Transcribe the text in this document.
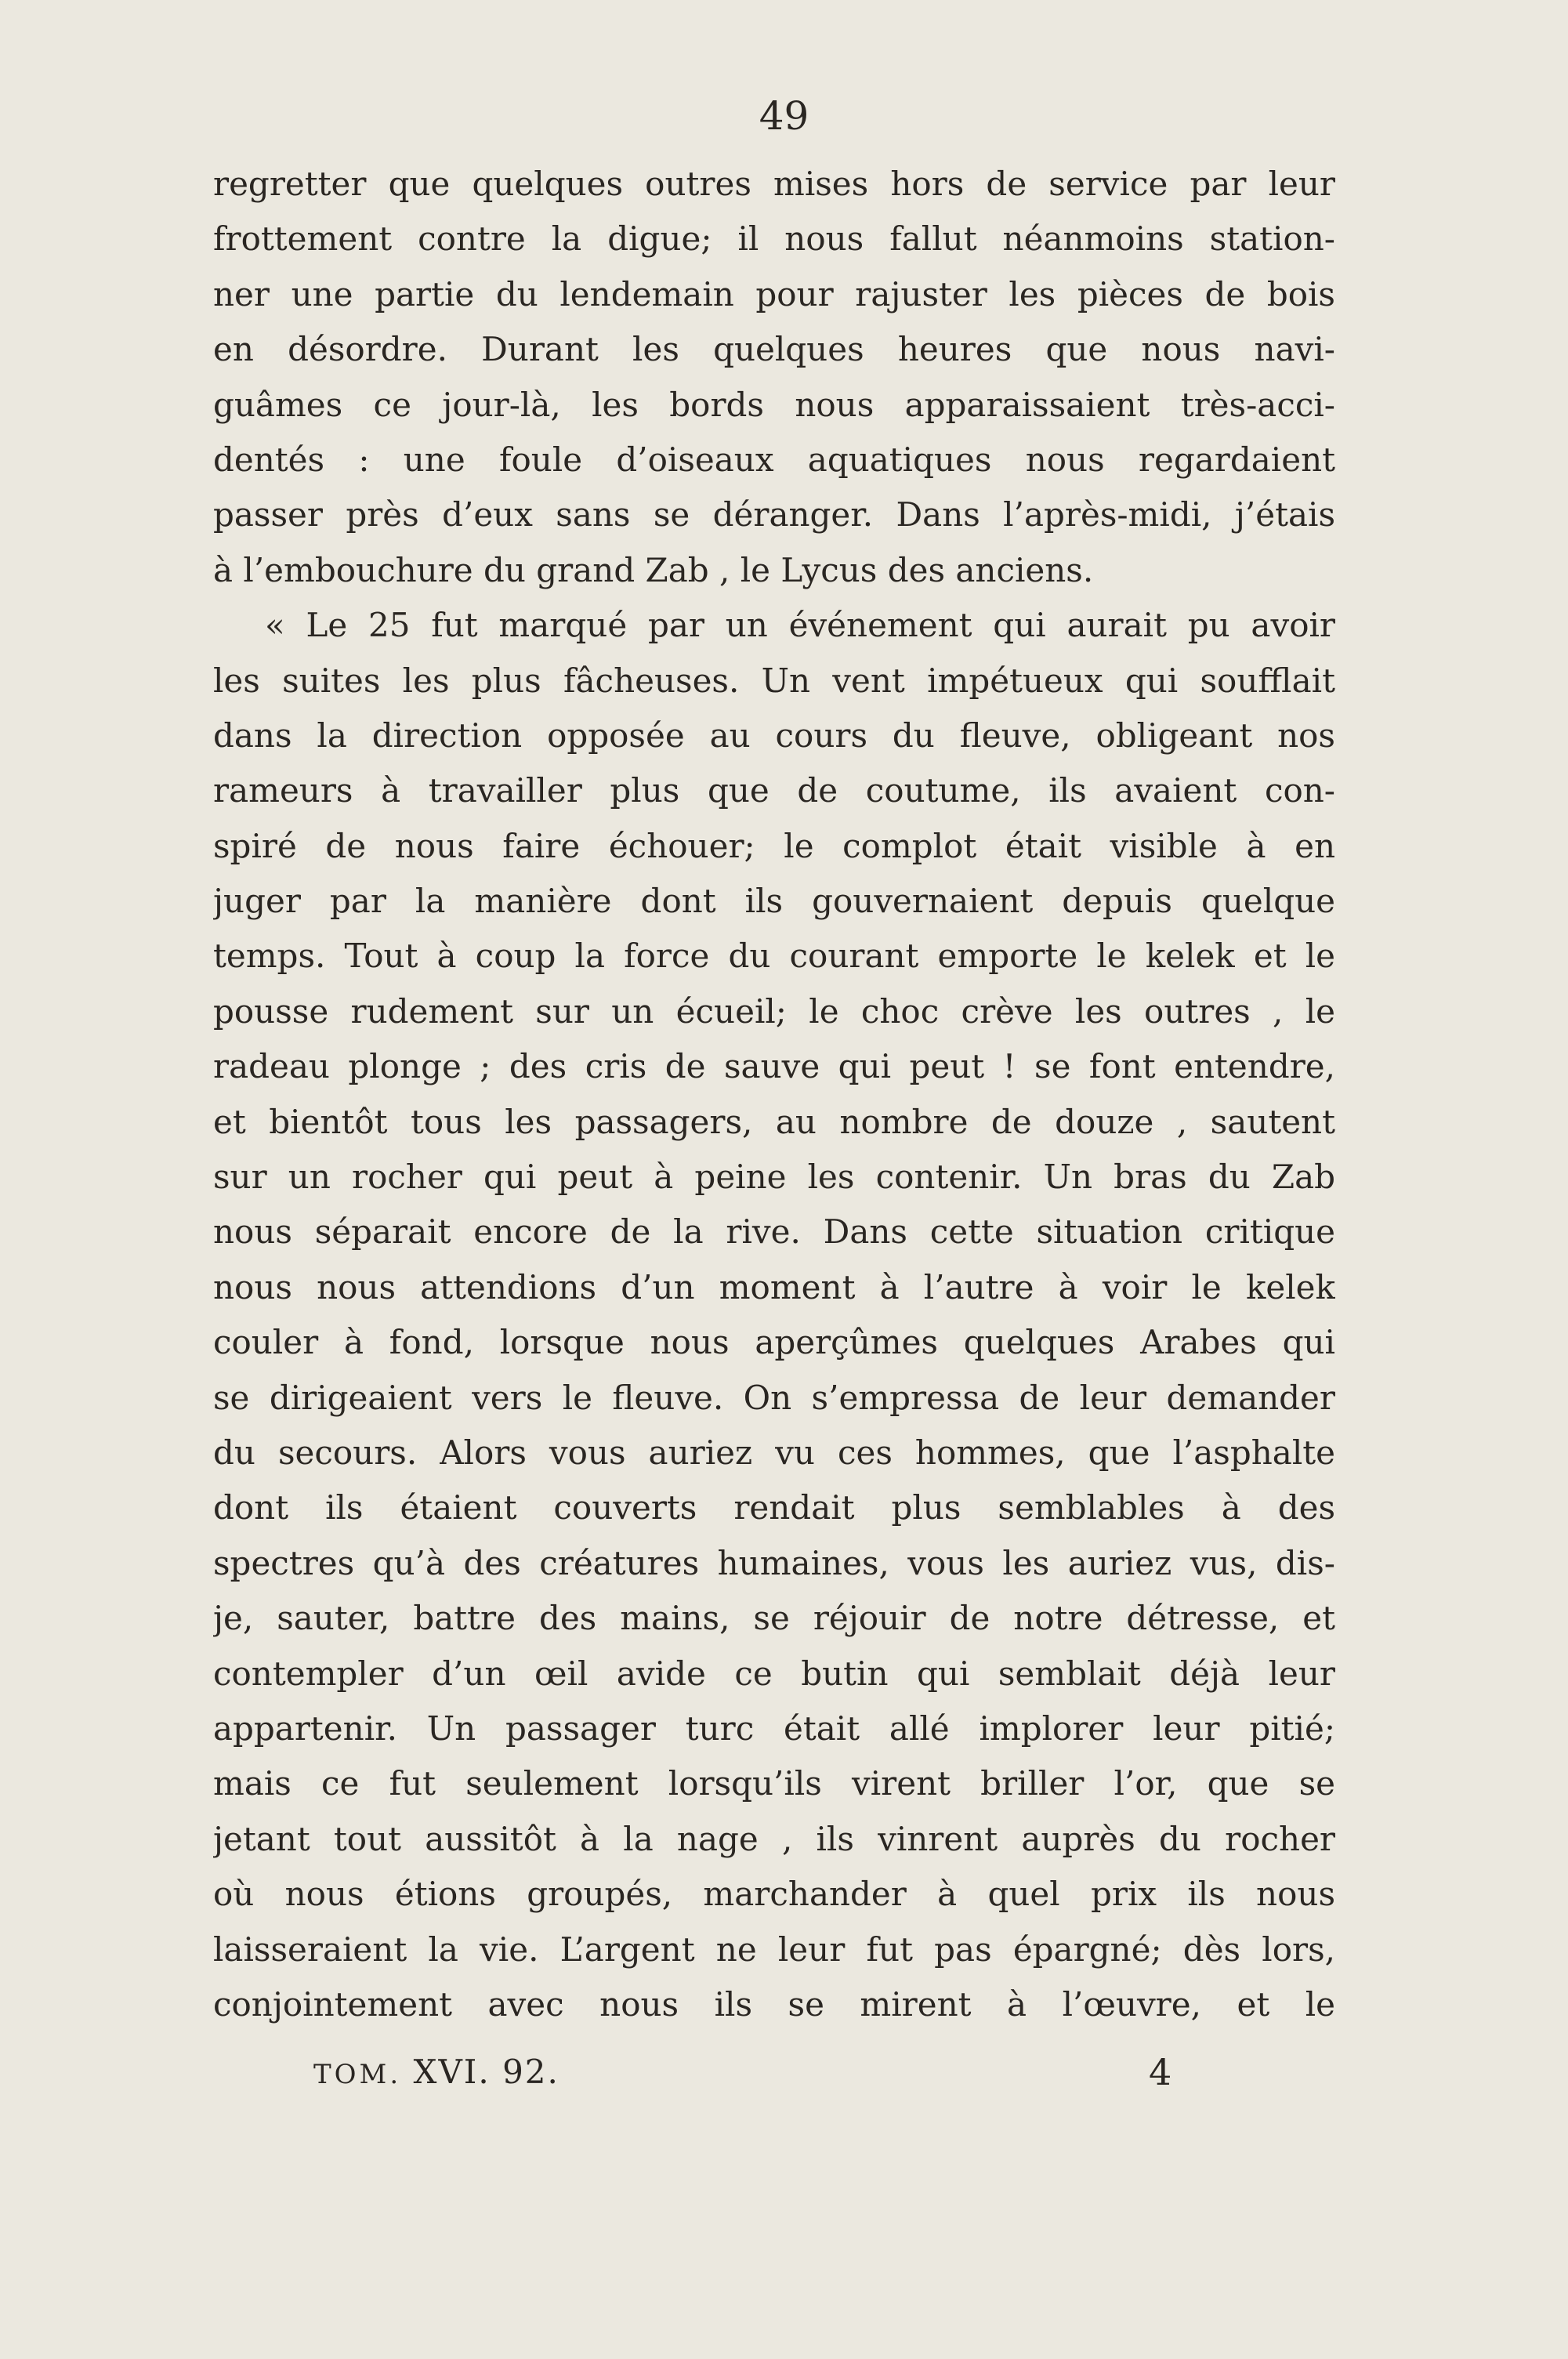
49
regretter que quelques outres mises hors de service par leur
frottement contre la digue; il nous fallut néanmoins station-
ner une partie du lendemain pour rajuster les pièces de bois
en désordre. Durant les quelques heures que nous navi-
guâmes ce jour-là, les bords nous apparaissaient très-acci-
dentés : une foule d’oiseaux aquatiques nous regardaient
passer près d’eux sans se déranger. Dans l’après-midi, j’étais
à l’embouchure du grand Zab , le Lycus des anciens.
« Le 25 fut marqué par un événement qui aurait pu avoir
les suites les plus fâcheuses. Un vent impétueux qui soufflait
dans la direction opposée au cours du fleuve, obligeant nos
rameurs à travailler plus que de coutume, ils avaient con-
spiré de nous faire échouer; le complot était visible à en
juger par la manière dont ils gouvernaient depuis quelque
temps. Tout à coup la force du courant emporte le kelek et le
pousse rudement sur un écueil; le choc crève les outres , le
radeau plonge ; des cris de sauve qui peut ! se font entendre,
et bientôt tous les passagers, au nombre de douze , sautent
sur un rocher qui peut à peine les contenir. Un bras du Zab
nous séparait encore de la rive. Dans cette situation critique
nous nous attendions d’un moment à l’autre à voir le kelek
couler à fond, lorsque nous aperçûmes quelques Arabes qui
se dirigeaient vers le fleuve. On s’empressa de leur demander
du secours. Alors vous auriez vu ces hommes, que l’asphalte
dont ils étaient couverts rendait plus semblables à des
spectres qu’à des créatures humaines, vous les auriez vus, dis-
je, sauter, battre des mains, se réjouir de notre détresse, et
contempler d’un œil avide ce butin qui semblait déjà leur
appartenir. Un passager turc était allé implorer leur pitié;
mais ce fut seulement lorsqu’ils virent briller l’or, que se
jetant tout aussitôt à la nage , ils vinrent auprès du rocher
où nous étions groupés, marchander à quel prix ils nous
laisseraient la vie. L’argent ne leur fut pas épargné; dès lors,
conjointement avec nous ils se mirent à l’œuvre, et le
TOM. XVI. 92.	4
